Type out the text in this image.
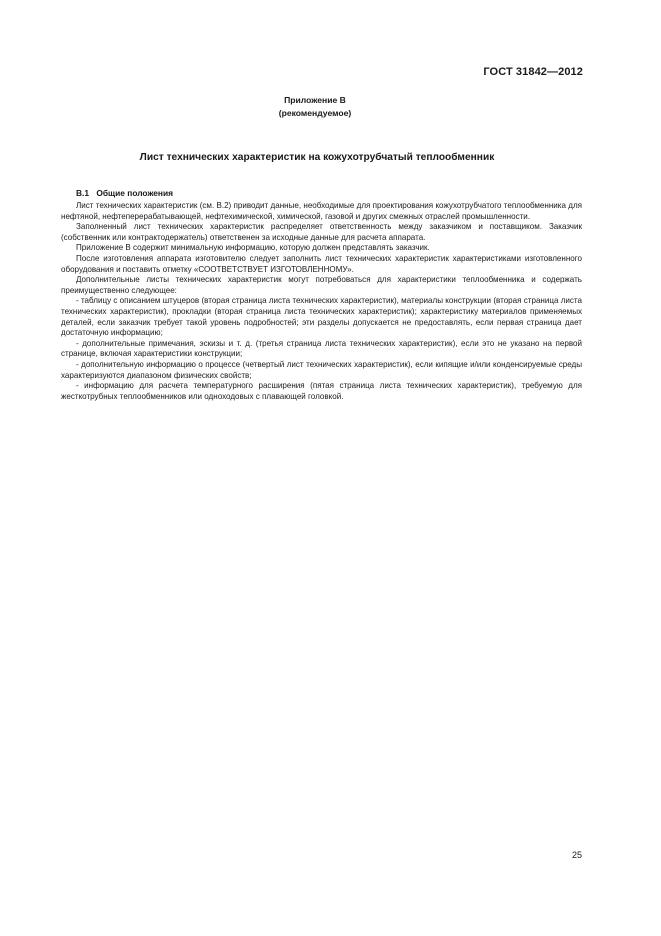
ГОСТ 31842—2012
Приложение В
(рекомендуемое)
Лист технических характеристик на кожухотрубчатый теплообменник
В.1 Общие положения

Лист технических характеристик (см. В.2) приводит данные, необходимые для проектирования кожухотрубчатого теплообменника для нефтяной, нефтеперерабатывающей, нефтехимической, химической, газовой и других смежных отраслей промышленности.

Заполненный лист технических характеристик распределяет ответственность между заказчиком и поставщиком. Заказчик (собственник или контрактодержатель) ответственен за исходные данные для расчета аппарата.

Приложение В содержит минимальную информацию, которую должен представлять заказчик.

После изготовления аппарата изготовителю следует заполнить лист технических характеристик характеристиками изготовленного оборудования и поставить отметку «СООТВЕТСТВУЕТ ИЗГОТОВЛЕННОМУ».

Дополнительные листы технических характеристик могут потребоваться для характеристики теплообменника и содержать преимущественно следующее:

- таблицу с описанием штуцеров (вторая страница листа технических характеристик), материалы конструкции (вторая страница листа технических характеристик), прокладки (вторая страница листа технических характеристик); характеристику материалов применяемых деталей, если заказчик требует такой уровень подробностей; эти разделы допускается не предоставлять, если первая страница дает достаточную информацию;

- дополнительные примечания, эскизы и т. д. (третья страница листа технических характеристик), если это не указано на первой странице, включая характеристики конструкции;

- дополнительную информацию о процессе (четвертый лист технических характеристик), если кипящие и/или конденсируемые среды характеризуются диапазоном физических свойств;

- информацию для расчета температурного расширения (пятая страница листа технических характеристик), требуемую для жесткотрубных теплообменников или одноходовых с плавающей головкой.

25
